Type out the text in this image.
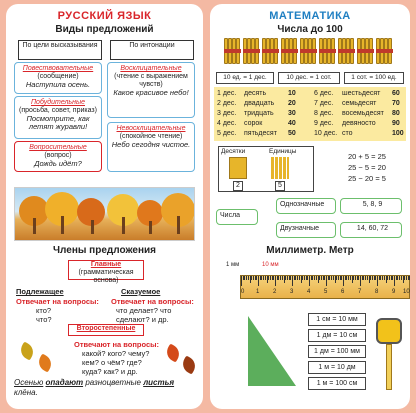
РУССКИЙ ЯЗЫК
Виды предложений
По цели высказывания	По интонации
Повествовательные
(сообщение)
Наступила осень.
Побудительные
(просьба, совет, приказ)
Посмотрите, как летят журавли!
Вопросительные
(вопрос)
Дождь идёт?
Восклицательные
(чтение с выражением чувств)
Какое красивое небо!
Невосклицательные
(спокойное чтение)
Небо сегодня чистое.
Члены предложения
Главные
(грамматическая основа)
Подлежащее	Сказуемое
Отвечает на вопросы:
кто? что?
Отвечает на вопросы:
что делает? что сделают? и др.
Второстепенные
Отвечают на вопросы:
какой? кого? чему?
кем? о чём? где?
куда? как? и др.
Осенью опадают разноцветные листья клёна.
МАТЕМАТИКА
Числа до 100
10 ед. = 1 дес.	10 дес. = 1 сот.	1 сот. = 100 ед.
1 дес. десять	10	6 дес. шестьдесят 60
2 дес. двадцать 20	7 дес. семьдесят 70
3 дес. тридцать 30	8 дес. восемьдесят 80
4 дес. сорок	40	9 дес. девяносто 90
5 дес. пятьдесят 50	10 дес. сто	100
Десятки	Единицы
2	5
20 + 5 = 25
25 − 5 = 20
25 − 20 = 5
Числа
Однозначные	5, 8, 9
Двузначные	14, 60, 72
Миллиметр. Метр
1 мм	10 мм
0 1 2 3 4 5 6 7 8 9 10
1 см = 10 мм
1 дм = 10 см
1 дм = 100 мм
1 м = 10 дм
1 м = 100 см
